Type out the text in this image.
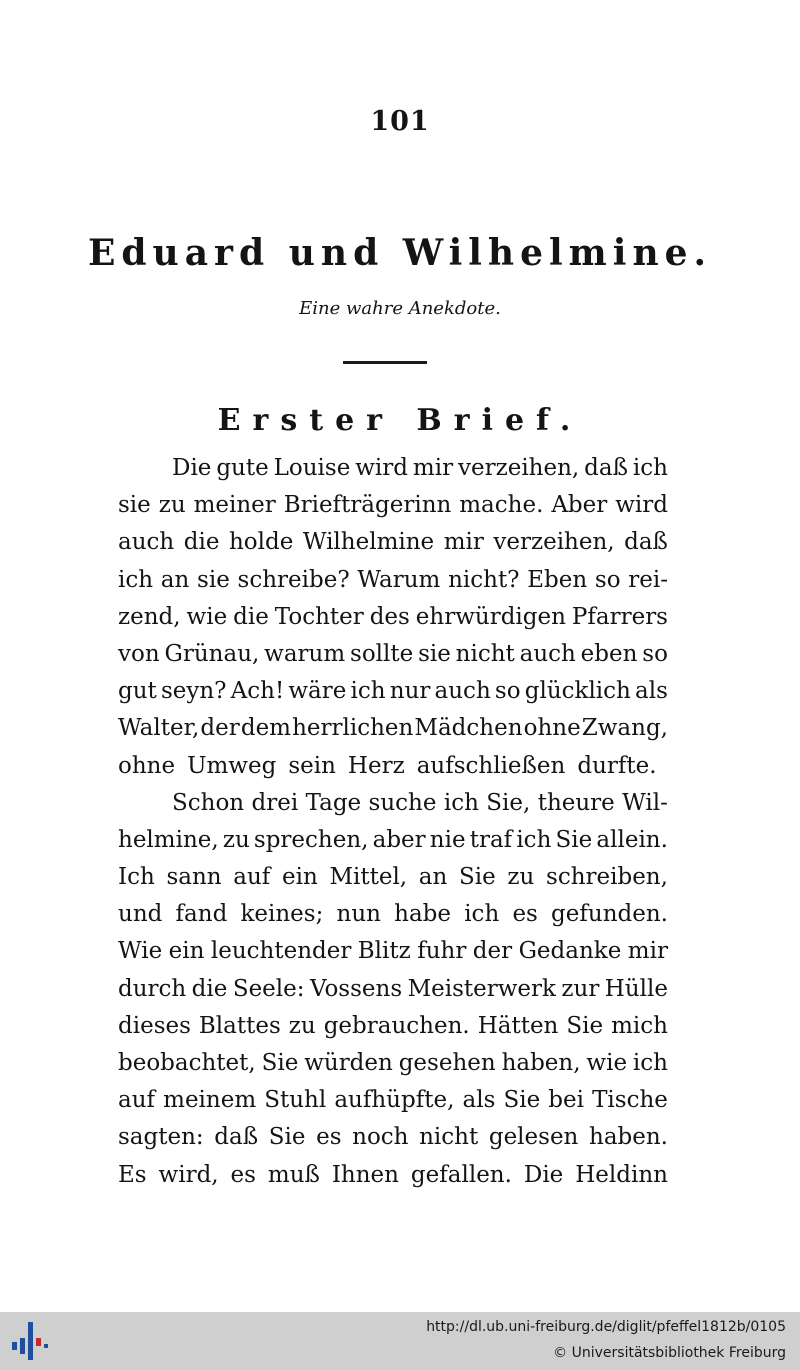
101
Eduard und Wilhelmine.
Eine wahre Anekdote.
Erster Brief.
Die gute Louise wird mir verzeihen, daß ich
sie zu meiner Briefträgerinn mache. Aber wird
auch die holde Wilhelmine mir verzeihen, daß
ich an sie schreibe? Warum nicht? Eben so rei-
zend, wie die Tochter des ehrwürdigen Pfarrers
von Grünau, warum sollte sie nicht auch eben so
gut seyn? Ach! wäre ich nur auch so glücklich als
Walter, der dem herrlichen Mädchen ohne Zwang,
ohne Umweg sein Herz aufschließen durfte.
Schon drei Tage suche ich Sie, theure Wil-
helmine, zu sprechen, aber nie traf ich Sie allein.
Ich sann auf ein Mittel, an Sie zu schreiben,
und fand keines; nun habe ich es gefunden.
Wie ein leuchtender Blitz fuhr der Gedanke mir
durch die Seele: Vossens Meisterwerk zur Hülle
dieses Blattes zu gebrauchen. Hätten Sie mich
beobachtet, Sie würden gesehen haben, wie ich
auf meinem Stuhl aufhüpfte, als Sie bei Tische
sagten: daß Sie es noch nicht gelesen haben.
Es wird, es muß Ihnen gefallen. Die Heldinn
http://dl.ub.uni-freiburg.de/diglit/pfeffel1812b/0105
© Universitätsbibliothek Freiburg
